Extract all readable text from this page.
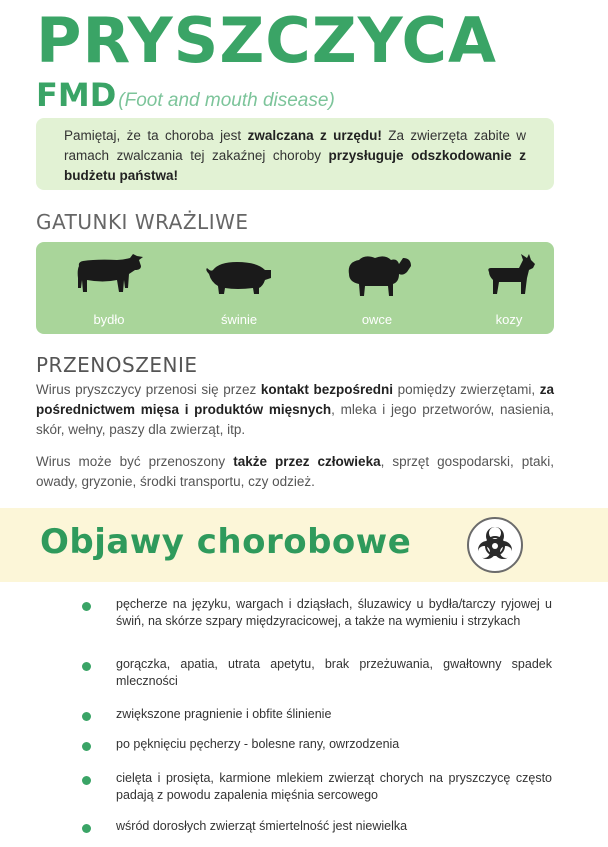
PRYSZCZYCA
FMD (Foot and mouth disease)
Pamiętaj, że ta choroba jest zwalczana z urzędu! Za zwierzęta zabite w ramach zwalczania tej zakaźnej choroby przysługuje odszkodowanie z budżetu państwa!
GATUNKI WRAŻLIWE
bydło	świnie	owce	kozy
PRZENOSZENIE
Wirus pryszczycy przenosi się przez kontakt bezpośredni pomiędzy zwierzętami, za pośrednictwem mięsa i produktów mięsnych, mleka i jego przetworów, nasienia, skór, wełny, paszy dla zwierząt, itp.
Wirus może być przenoszony także przez człowieka, sprzęt gospodarski, ptaki, owady, gryzonie, środki transportu, czy odzież.
Objawy chorobowe
pęcherze na języku, wargach i dziąsłach, śluzawicy u bydła/tarczy ryjowej u świń, na skórze szpary międzyracicowej, a także na wymieniu i strzykach
gorączka, apatia, utrata apetytu, brak przeżuwania, gwałtowny spadek mleczności
zwiększone pragnienie i obfite ślinienie
po pęknięciu pęcherzy - bolesne rany, owrzodzenia
cielęta i prosięta, karmione mlekiem zwierząt chorych na pryszczycę często padają z powodu zapalenia mięśnia sercowego
wśród dorosłych zwierząt śmiertelność jest niewielka
